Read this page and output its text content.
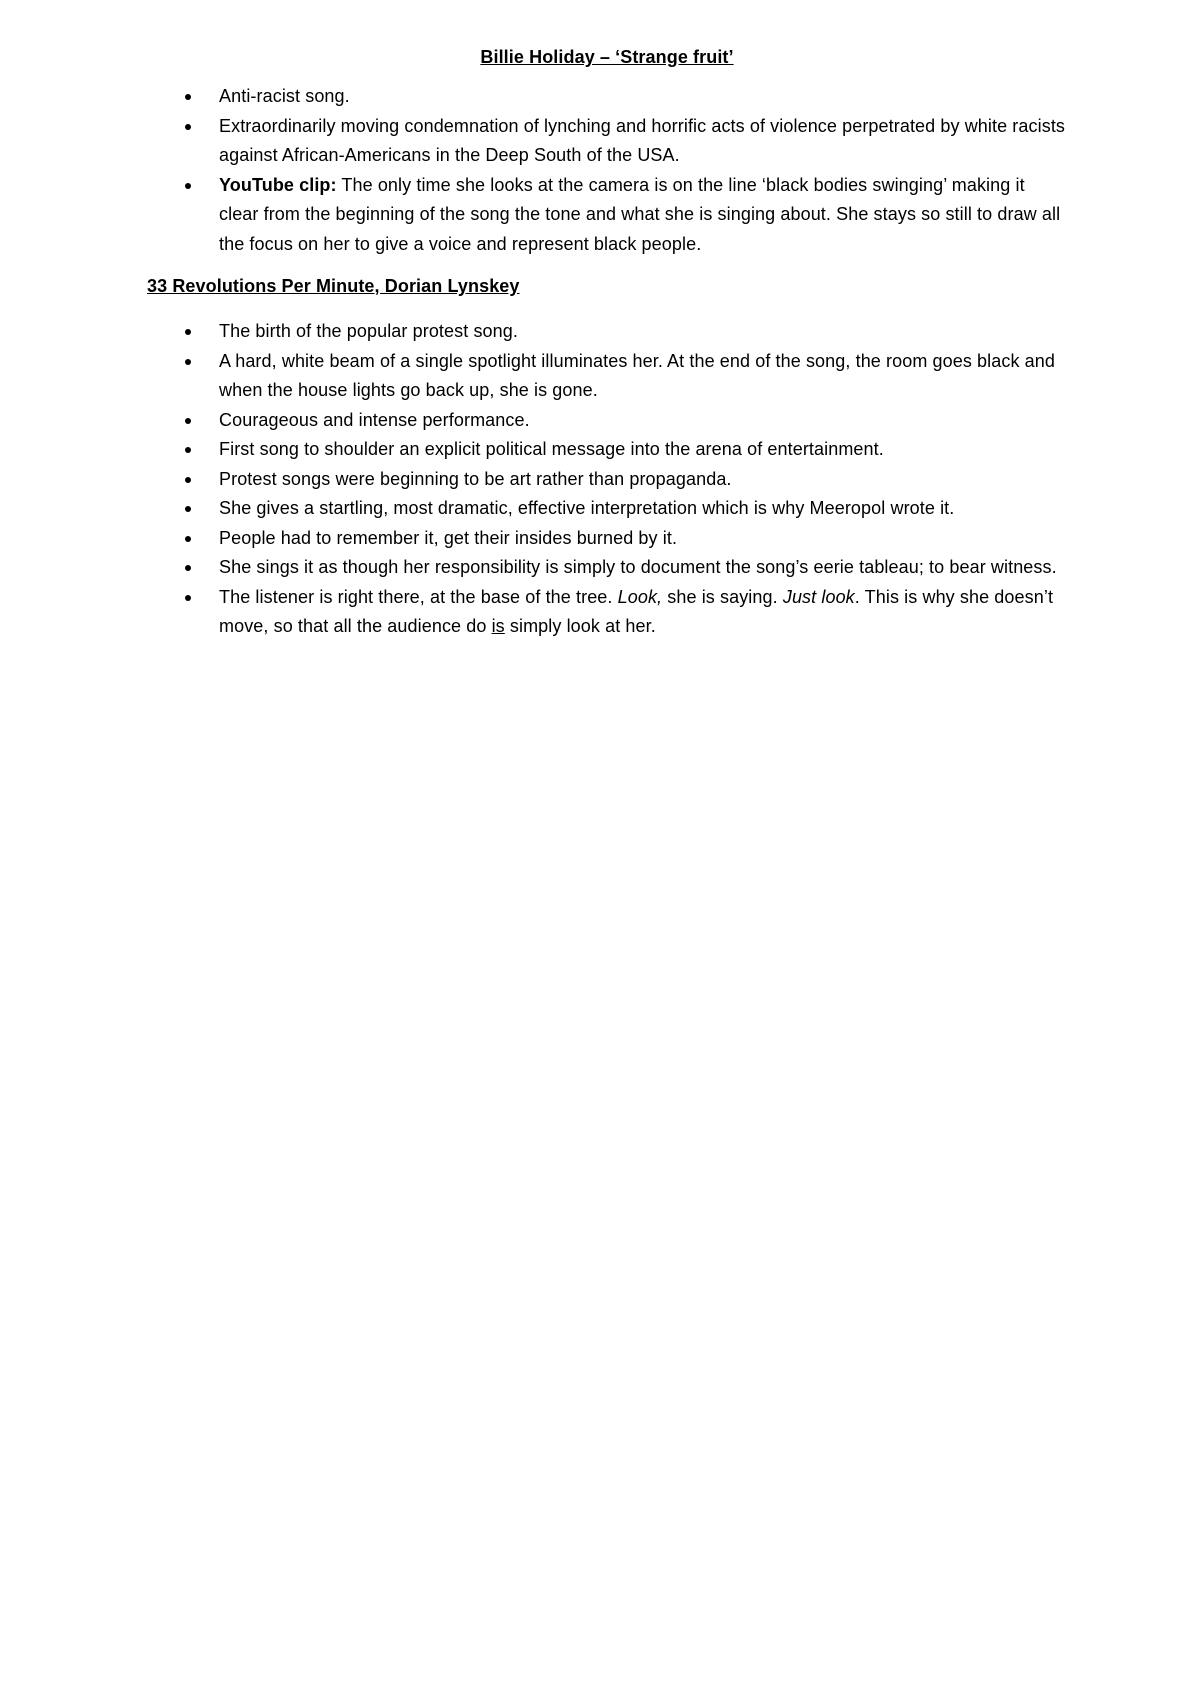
Billie Holiday – ‘Strange fruit’
Anti-racist song.
Extraordinarily moving condemnation of lynching and horrific acts of violence perpetrated by white racists against African-Americans in the Deep South of the USA.
YouTube clip: The only time she looks at the camera is on the line ‘black bodies swinging’ making it clear from the beginning of the song the tone and what she is singing about. She stays so still to draw all the focus on her to give a voice and represent black people.
33 Revolutions Per Minute, Dorian Lynskey
The birth of the popular protest song.
A hard, white beam of a single spotlight illuminates her. At the end of the song, the room goes black and when the house lights go back up, she is gone.
Courageous and intense performance.
First song to shoulder an explicit political message into the arena of entertainment.
Protest songs were beginning to be art rather than propaganda.
She gives a startling, most dramatic, effective interpretation which is why Meeropol wrote it.
People had to remember it, get their insides burned by it.
She sings it as though her responsibility is simply to document the song’s eerie tableau; to bear witness.
The listener is right there, at the base of the tree. Look, she is saying. Just look. This is why she doesn’t move, so that all the audience do is simply look at her.
